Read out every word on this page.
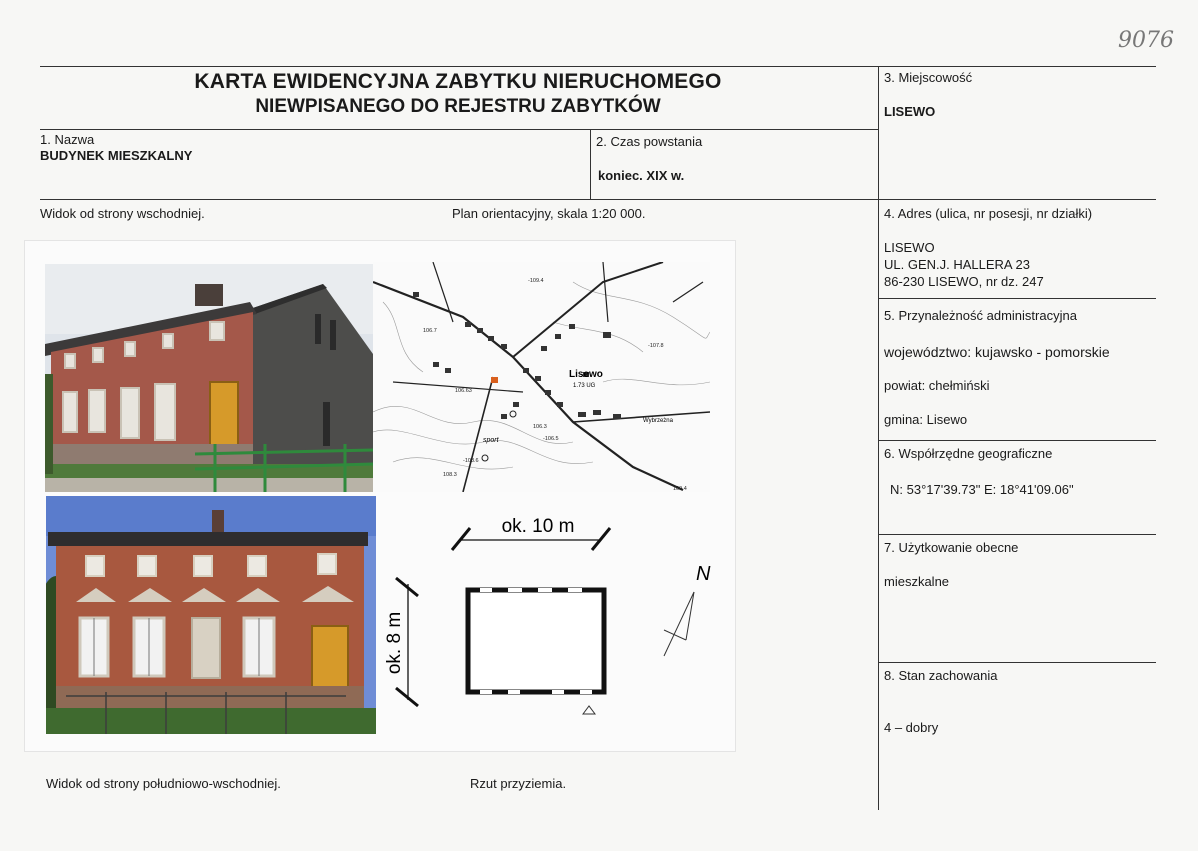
9076
KARTA EWIDENCYJNA ZABYTKU NIERUCHOMEGO
NIEWPISANEGO DO REJESTRU ZABYTKÓW
1. Nazwa
BUDYNEK MIESZKALNY
2. Czas powstania
koniec. XIX w.
3. Miejscowość
LISEWO
4. Adres (ulica, nr posesji, nr działki)
LISEWO
UL. GEN.J. HALLERA 23
86-230 LISEWO, nr dz. 247
5. Przynależność administracyjna
województwo: kujawsko - pomorskie
powiat: chełmiński
gmina: Lisewo
6. Współrzędne geograficzne
N: 53°17'39.73" E: 18°41'09.06"
7. Użytkowanie obecne
mieszkalne
8. Stan zachowania
4 – dobry
Widok od strony wschodniej.	Plan orientacyjny, skala 1:20 000.
Widok od strony południowo-wschodniej.	Rzut przyziemia.
Lisewo
1.73 UG
sport
Wybrzeżna
-109.4
106.7
-107.8
106.63
-106.5
106.3
109.4
-108.6
108.3
ok. 10 m
ok. 8 m
N
